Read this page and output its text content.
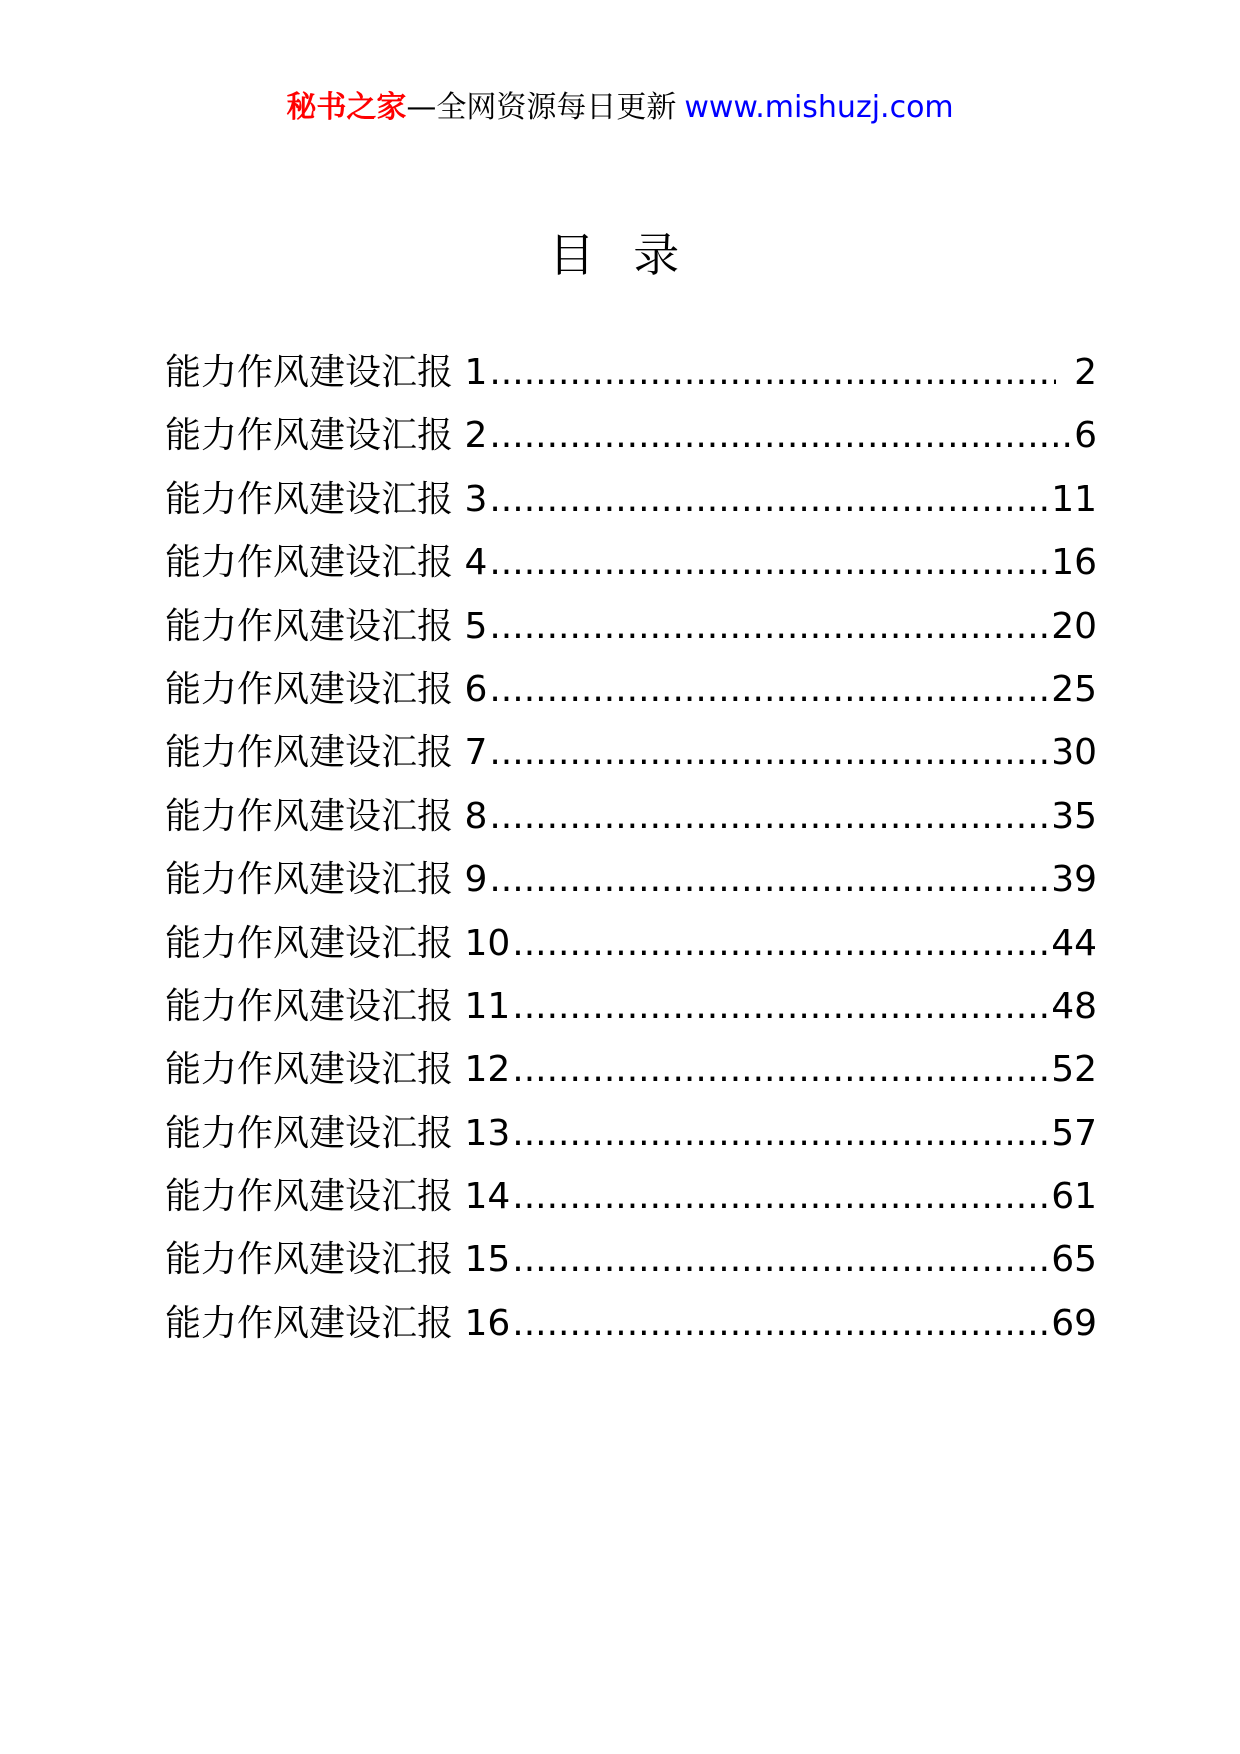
秘书之家—全网资源每日更新 www.mishuzj.com
目 录
能力作风建设汇报 1 .....	2
能力作风建设汇报 2 .....	6
能力作风建设汇报 3 .....	11
能力作风建设汇报 4 .....	16
能力作风建设汇报 5 .....	20
能力作风建设汇报 6 .....	25
能力作风建设汇报 7 .....	30
能力作风建设汇报 8 .....	35
能力作风建设汇报 9 .....	39
能力作风建设汇报 10 .....	44
能力作风建设汇报 11 .....	48
能力作风建设汇报 12 .....	52
能力作风建设汇报 13 .....	57
能力作风建设汇报 14 .....	61
能力作风建设汇报 15 .....	65
能力作风建设汇报 16 .....	69
